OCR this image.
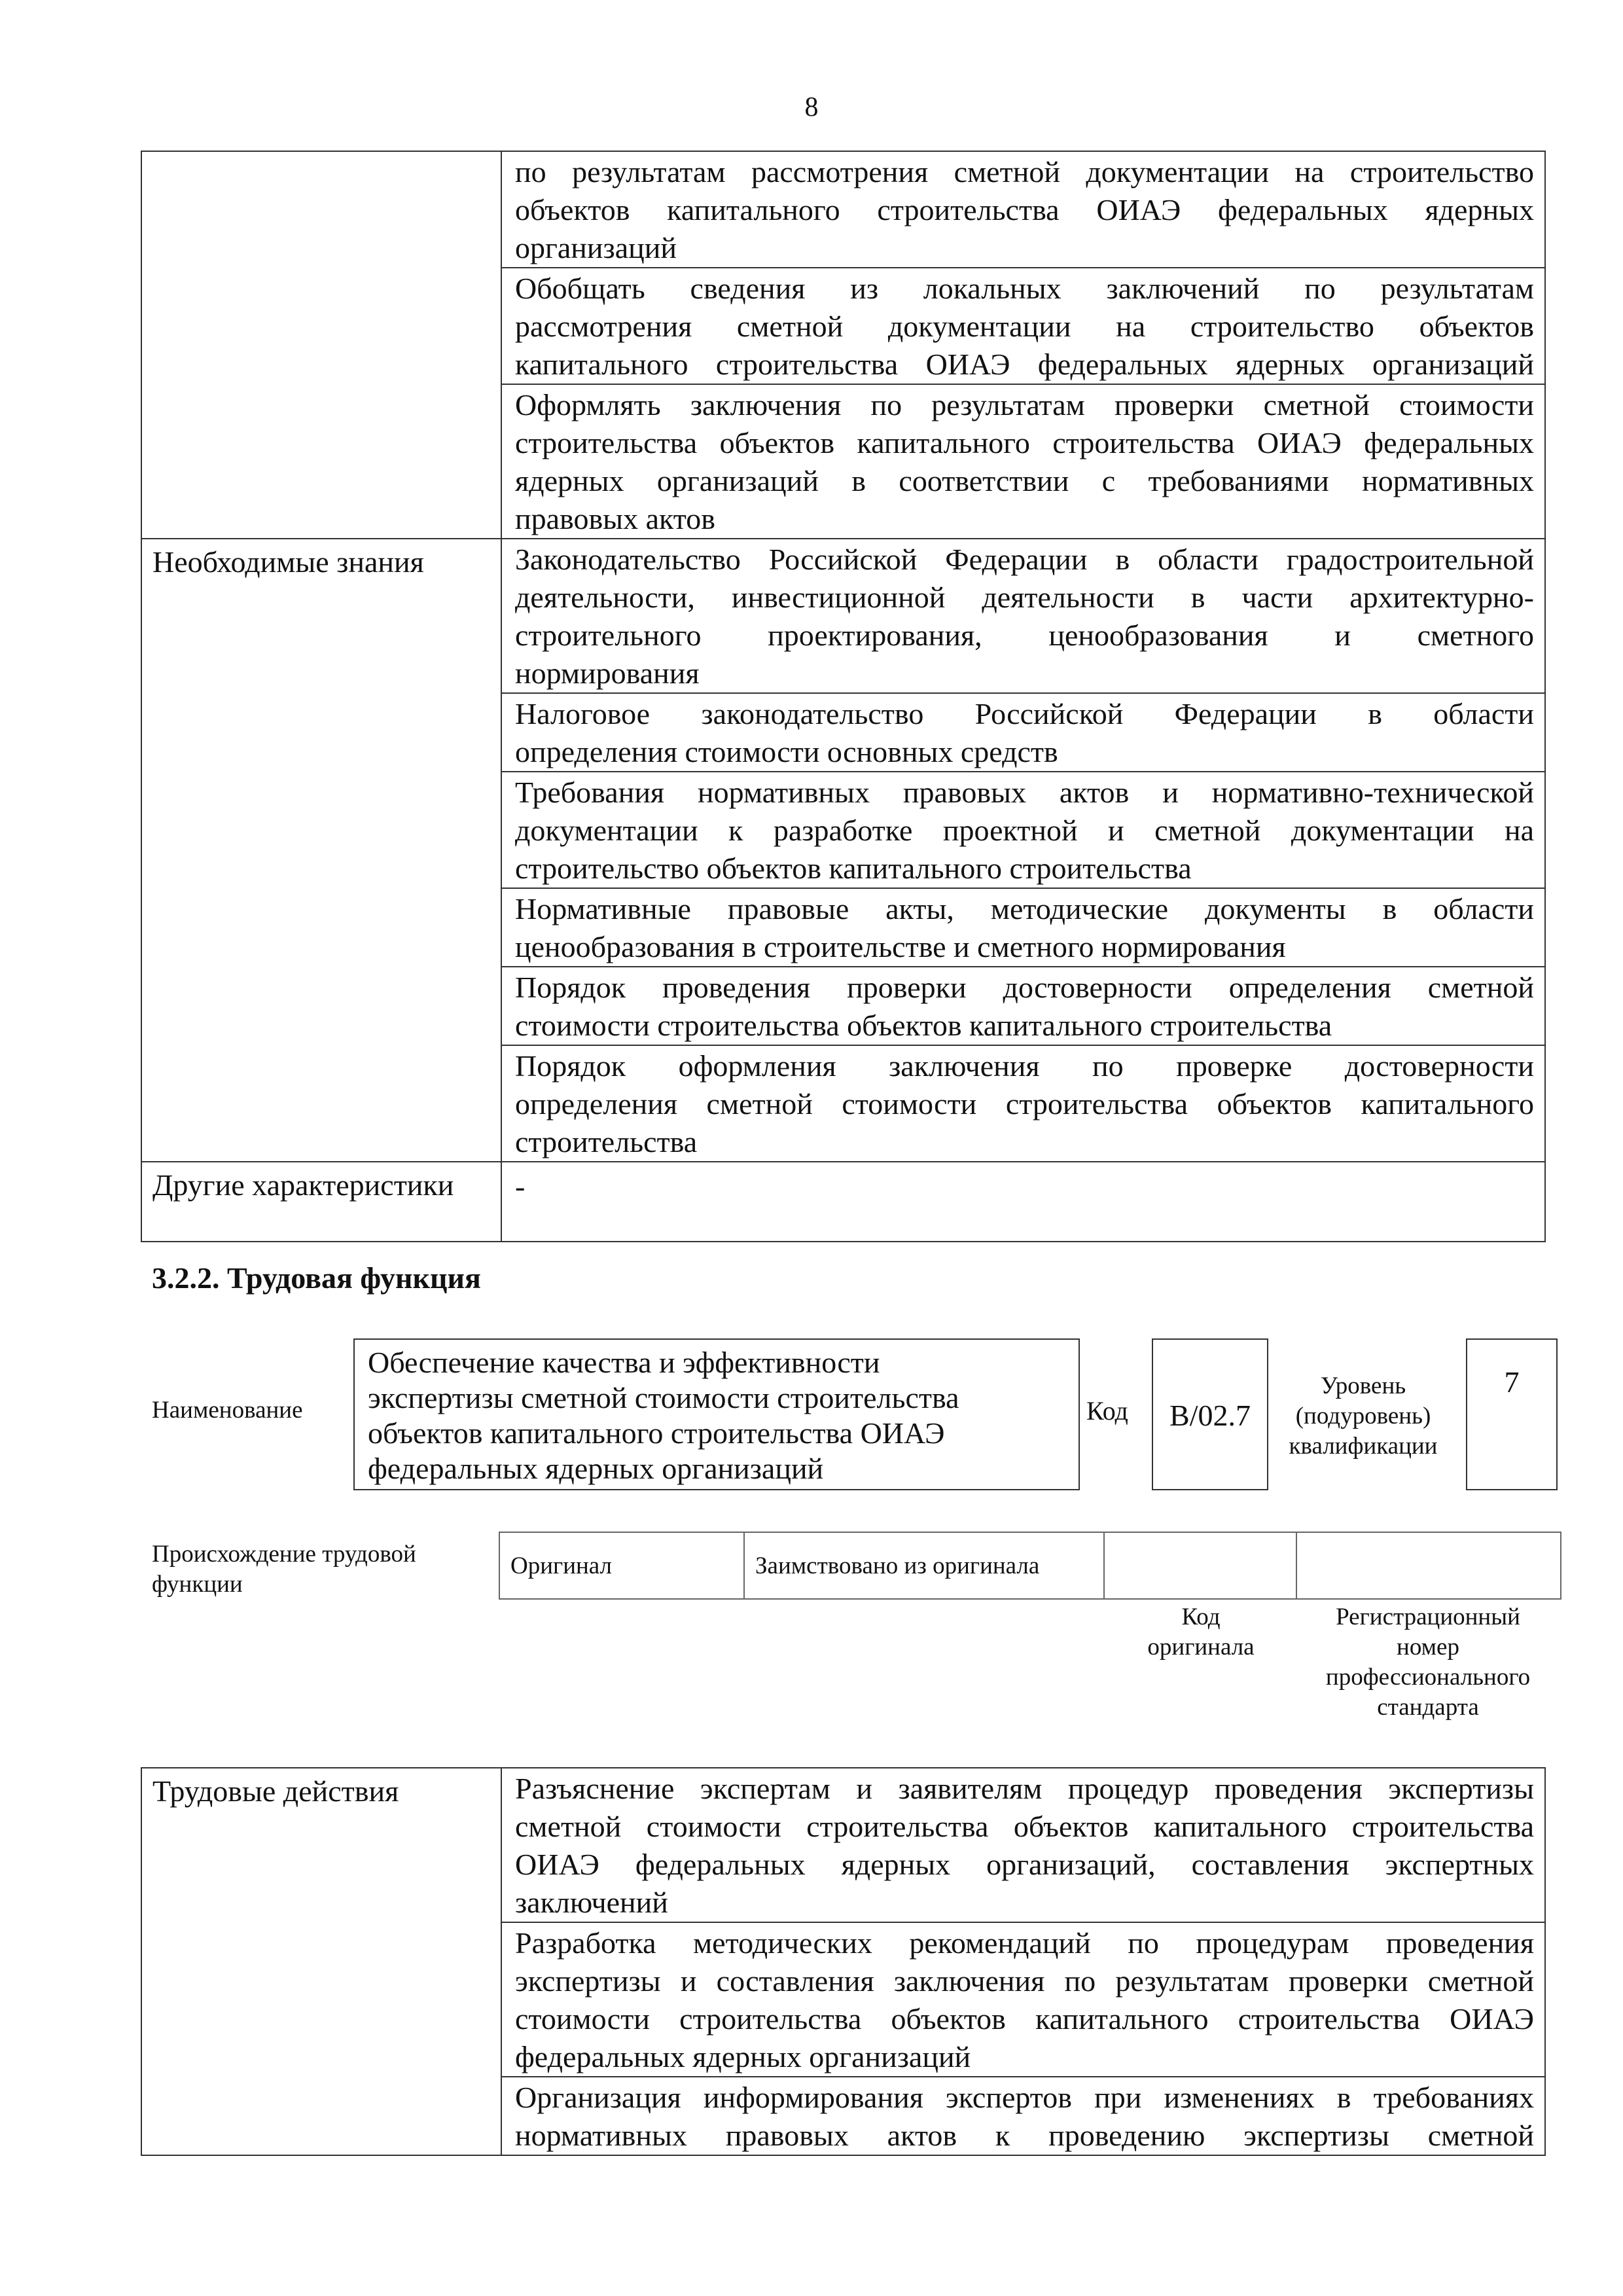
8

	по результатам рассмотрения сметной документации на строительство
объектов капитального строительства ОИАЭ федеральных ядерных
организаций

	Обобщать сведения из локальных заключений по результатам
рассмотрения сметной документации на строительство объектов
капитального строительства ОИАЭ федеральных ядерных организаций

	Оформлять заключения по результатам проверки сметной стоимости
строительства объектов капитального строительства ОИАЭ федеральных
ядерных организаций в соответствии с требованиями нормативных
правовых актов

Необходимые знания	Законодательство Российской Федерации в области градостроительной
деятельности, инвестиционной деятельности в части архитектурно-
строительного проектирования, ценообразования и сметного
нормирования

	Налоговое законодательство Российской Федерации в области
определения стоимости основных средств

	Требования нормативных правовых актов и нормативно-технической
документации к разработке проектной и сметной документации на
строительство объектов капитального строительства

	Нормативные правовые акты, методические документы в области
ценообразования в строительстве и сметного нормирования

	Порядок проведения проверки достоверности определения сметной
стоимости строительства объектов капитального строительства

	Порядок оформления заключения по проверке достоверности
определения сметной стоимости строительства объектов капитального
строительства

Другие характеристики	-
3.2.2. Трудовая функция
Наименование
Обеспечение качества и эффективности
экспертизы сметной стоимости строительства
объектов капитального строительства ОИАЭ
федеральных ядерных организаций
Код	B/02.7
Уровень
(подуровень)
квалификации
7
Происхождение трудовой
функции
Оригинал	Заимствовано из оригинала		
Код
оригинала
Регистрационный
номер
профессионального
стандарта
Трудовые действия	Разъяснение экспертам и заявителям процедур проведения экспертизы
сметной стоимости строительства объектов капитального строительства
ОИАЭ федеральных ядерных организаций, составления экспертных
заключений

Разработка методических рекомендаций по процедурам проведения
экспертизы и составления заключения по результатам проверки сметной
стоимости строительства объектов капитального строительства ОИАЭ
федеральных ядерных организаций

Организация информирования экспертов при изменениях в требованиях
нормативных правовых актов к проведению экспертизы сметной
